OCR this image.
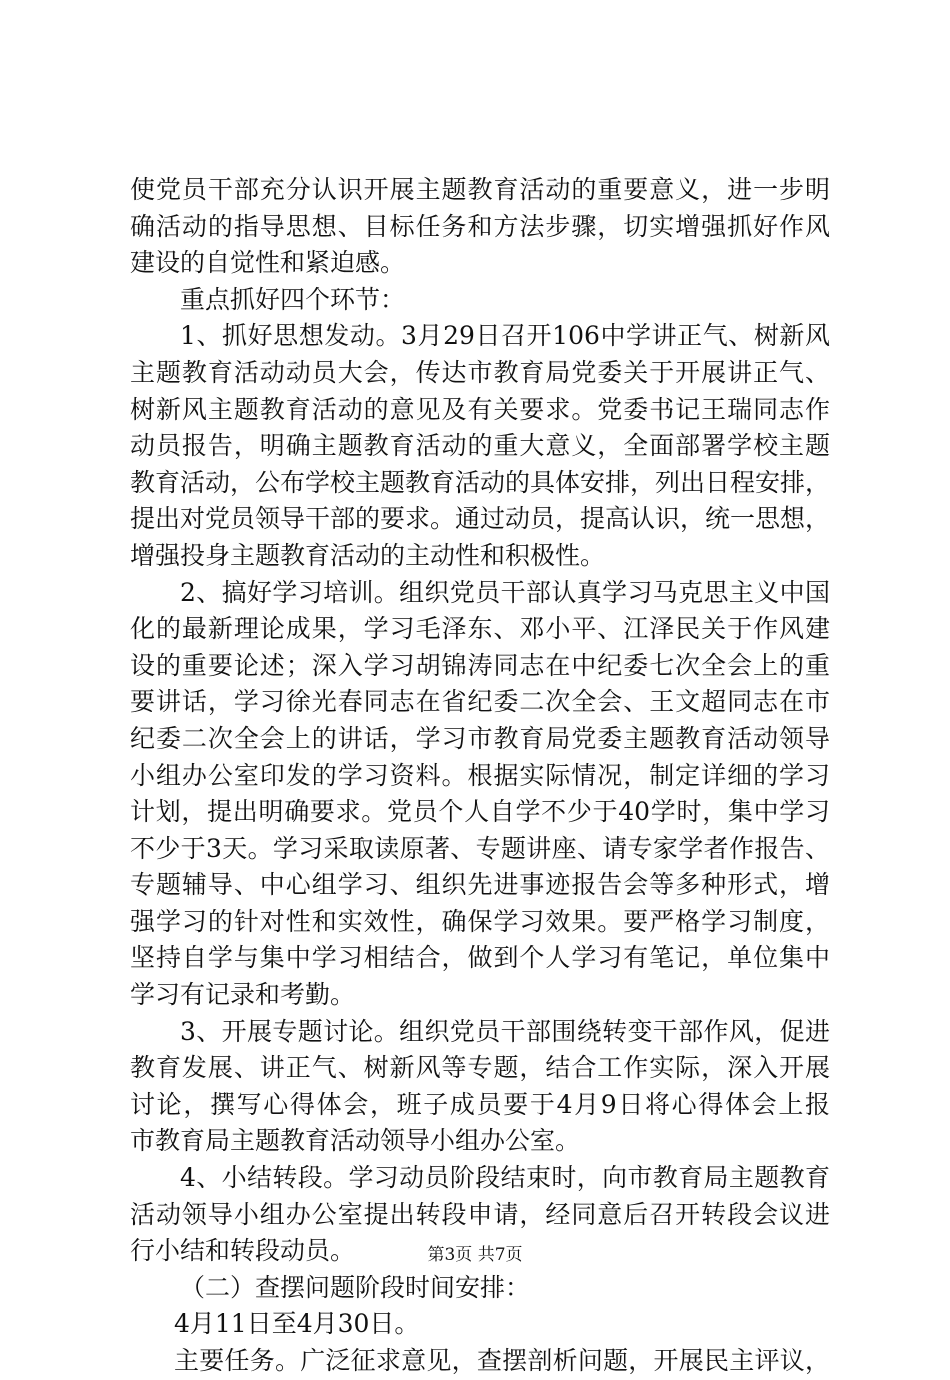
使党员干部充分认识开展主题教育活动的重要意义，进一步明
确活动的指导思想、目标任务和方法步骤，切实增强抓好作风
建设的自觉性和紧迫感。
重点抓好四个环节：
1、抓好思想发动。3月29日召开106中学讲正气、树新风
主题教育活动动员大会，传达市教育局党委关于开展讲正气、
树新风主题教育活动的意见及有关要求。党委书记王瑞同志作
动员报告，明确主题教育活动的重大意义，全面部署学校主题
教育活动，公布学校主题教育活动的具体安排，列出日程安排，
提出对党员领导干部的要求。通过动员，提高认识，统一思想，
增强投身主题教育活动的主动性和积极性。
2、搞好学习培训。组织党员干部认真学习马克思主义中国
化的最新理论成果，学习毛泽东、邓小平、江泽民关于作风建
设的重要论述；深入学习胡锦涛同志在中纪委七次全会上的重
要讲话，学习徐光春同志在省纪委二次全会、王文超同志在市
纪委二次全会上的讲话，学习市教育局党委主题教育活动领导
小组办公室印发的学习资料。根据实际情况，制定详细的学习
计划，提出明确要求。党员个人自学不少于40学时，集中学习
不少于3天。学习采取读原著、专题讲座、请专家学者作报告、
专题辅导、中心组学习、组织先进事迹报告会等多种形式，增
强学习的针对性和实效性，确保学习效果。要严格学习制度，
坚持自学与集中学习相结合，做到个人学习有笔记，单位集中
学习有记录和考勤。
3、开展专题讨论。组织党员干部围绕转变干部作风，促进
教育发展、讲正气、树新风等专题，结合工作实际，深入开展
讨论，撰写心得体会，班子成员要于4月9日将心得体会上报
市教育局主题教育活动领导小组办公室。
4、小结转段。学习动员阶段结束时，向市教育局主题教育
活动领导小组办公室提出转段申请，经同意后召开转段会议进
行小结和转段动员。
（二）查摆问题阶段时间安排：
4月11日至4月30日。
主要任务。广泛征求意见，查摆剖析问题，开展民主评议，
第3页 共7页
